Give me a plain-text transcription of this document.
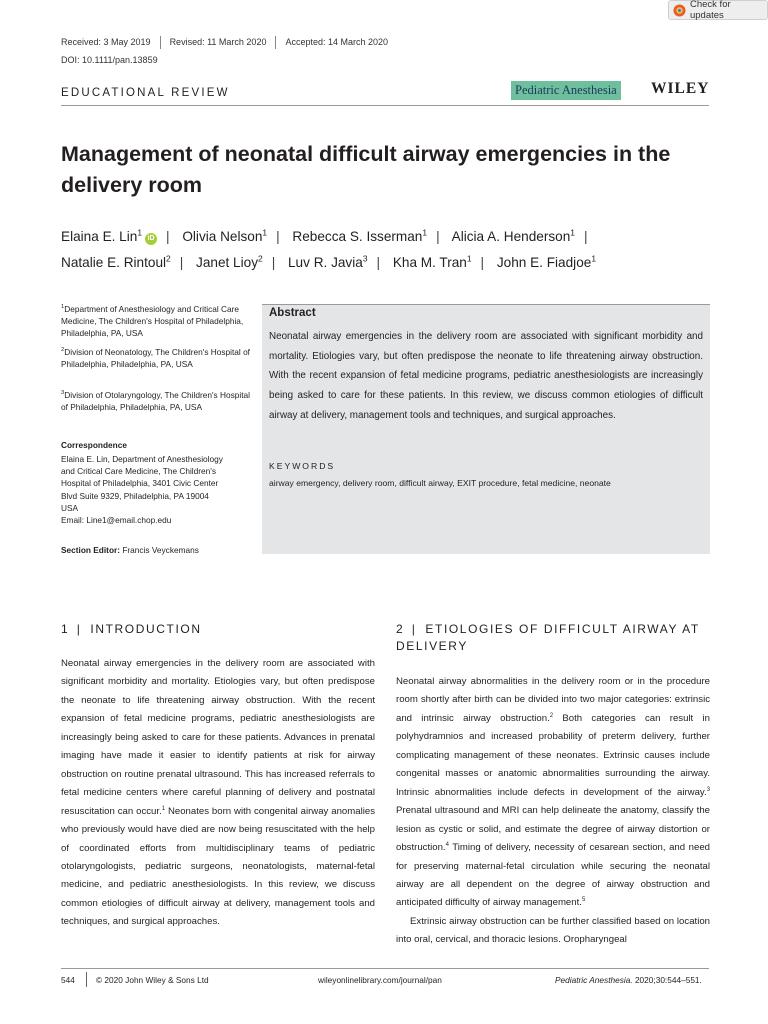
Check for updates
Received: 3 May 2019 Revised: 11 March 2020 Accepted: 14 March 2020
DOI: 10.1111/pan.13859
EDUCATIONAL REVIEW	Pediatric Anesthesia WILEY
Management of neonatal difficult airway emergencies in the delivery room
Elaina E. Lin$^1$iD | Olivia Nelson$^1$ | Rebecca S. Isserman$^1$ | Alicia A. Henderson$^1$ |
Natalie E. Rintoul$^2$ | Janet Lioy$^2$ | Luv R. Javia$^3$ | Kha M. Tran$^1$ | John E. Fiadjoe$^1$
$^1$Department of Anesthesiology and Critical Care Medicine, The Children's Hospital of Philadelphia, Philadelphia, PA, USA
$^2$Division of Neonatology, The Children's Hospital of Philadelphia, Philadelphia, PA, USA
$^3$Division of Otolaryngology, The Children's Hospital of Philadelphia, Philadelphia, PA, USA
Correspondence
Elaina E. Lin, Department of Anesthesiology
and Critical Care Medicine, The Children's
Hospital of Philadelphia, 3401 Civic Center
Blvd Suite 9329, Philadelphia, PA 19004
USA
Email: Line1@email.chop.edu
Section Editor: Francis Veyckemans
Abstract

Neonatal airway emergencies in the delivery room are associated with significant morbidity and mortality. Etiologies vary, but often predispose the neonate to life threatening airway obstruction. With the recent expansion of fetal medicine programs, pediatric anesthesiologists are increasingly being asked to care for these patients. In this review, we discuss common etiologies of difficult airway at delivery, management tools and techniques, and surgical approaches.

KEYWORDS
airway emergency, delivery room, difficult airway, EXIT procedure, fetal medicine, neonate
1 | INTRODUCTION	2 | ETIOLOGIES OF DIFFICULT AIRWAY AT DELIVERY

Neonatal airway emergencies in the delivery room are associated with significant morbidity and mortality. Etiologies vary, but often predispose the neonate to life threatening airway obstruction. With the recent expansion of fetal medicine programs, pediatric anesthesiologists are increasingly being asked to care for these patients. Advances in prenatal imaging have made it easier to identify patients at risk for airway obstruction on routine prenatal ultrasound. This has increased referrals to fetal medicine centers where careful planning of delivery and postnatal resuscitation can occur.$^1$ Neonates born with congenital airway anomalies who previously would have died are now being resuscitated with the help of coordinated efforts from multidisciplinary teams of pediatric otolaryngologists, pediatric surgeons, neonatologists, maternal-fetal medicine, and pediatric anesthesiologists. In this review, we discuss common etiologies of difficult airway at delivery, management tools and techniques, and surgical approaches.

Neonatal airway abnormalities in the delivery room or in the procedure room shortly after birth can be divided into two major categories: extrinsic and intrinsic airway obstruction.$^2$ Both categories can result in polyhydramnios and increased probability of preterm delivery, further complicating management of these neonates. Extrinsic causes include congenital masses or anatomic abnormalities surrounding the airway. Intrinsic abnormalities include defects in development of the airway.$^3$ Prenatal ultrasound and MRI can help delineate the anatomy, classify the lesion as cystic or solid, and estimate the degree of airway distortion or obstruction.$^4$ Timing of delivery, necessity of cesarean section, and need for preserving maternal-fetal circulation while securing the neonatal airway are all dependent on the degree of airway obstruction and anticipated difficulty of airway management.$^5$

Extrinsic airway obstruction can be further classified based on location into oral, cervical, and thoracic lesions. Oropharyngeal

544	© 2020 John Wiley & Sons Ltd	wileyonlinelibrary.com/journal/pan	Pediatric Anesthesia. 2020;30:544–551.
